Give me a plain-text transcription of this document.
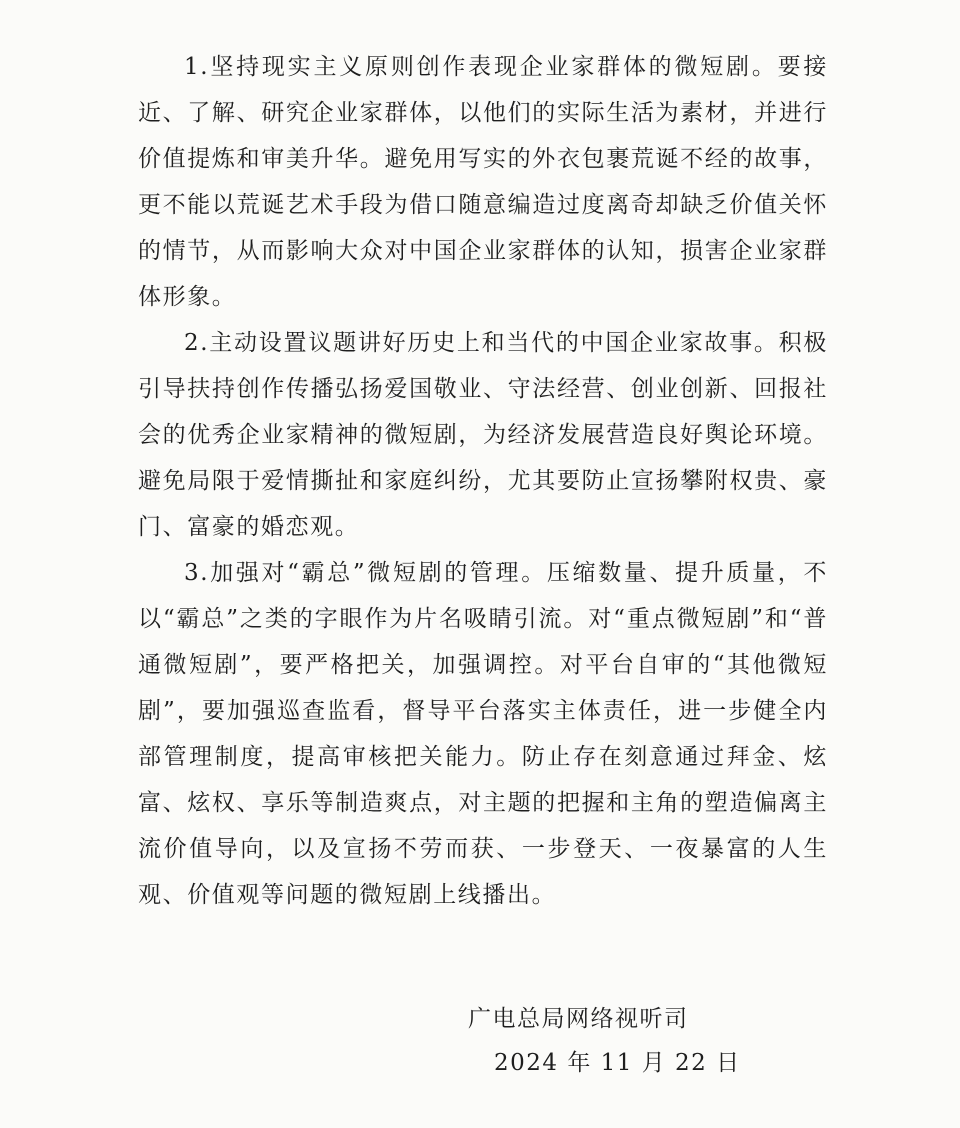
1.坚持现实主义原则创作表现企业家群体的微短剧。要接近、了解、研究企业家群体，以他们的实际生活为素材，并进行价值提炼和审美升华。避免用写实的外衣包裹荒诞不经的故事，更不能以荒诞艺术手段为借口随意编造过度离奇却缺乏价值关怀的情节，从而影响大众对中国企业家群体的认知，损害企业家群体形象。

2.主动设置议题讲好历史上和当代的中国企业家故事。积极引导扶持创作传播弘扬爱国敬业、守法经营、创业创新、回报社会的优秀企业家精神的微短剧，为经济发展营造良好舆论环境。避免局限于爱情撕扯和家庭纠纷，尤其要防止宣扬攀附权贵、豪门、富豪的婚恋观。

3.加强对“霸总”微短剧的管理。压缩数量、提升质量，不以“霸总”之类的字眼作为片名吸睛引流。对“重点微短剧”和“普通微短剧”，要严格把关，加强调控。对平台自审的“其他微短剧”，要加强巡查监看，督导平台落实主体责任，进一步健全内部管理制度，提高审核把关能力。防止存在刻意通过拜金、炫富、炫权、享乐等制造爽点，对主题的把握和主角的塑造偏离主流价值导向，以及宣扬不劳而获、一步登天、一夜暴富的人生观、价值观等问题的微短剧上线播出。

广电总局网络视听司
2024 年 11 月 22 日
